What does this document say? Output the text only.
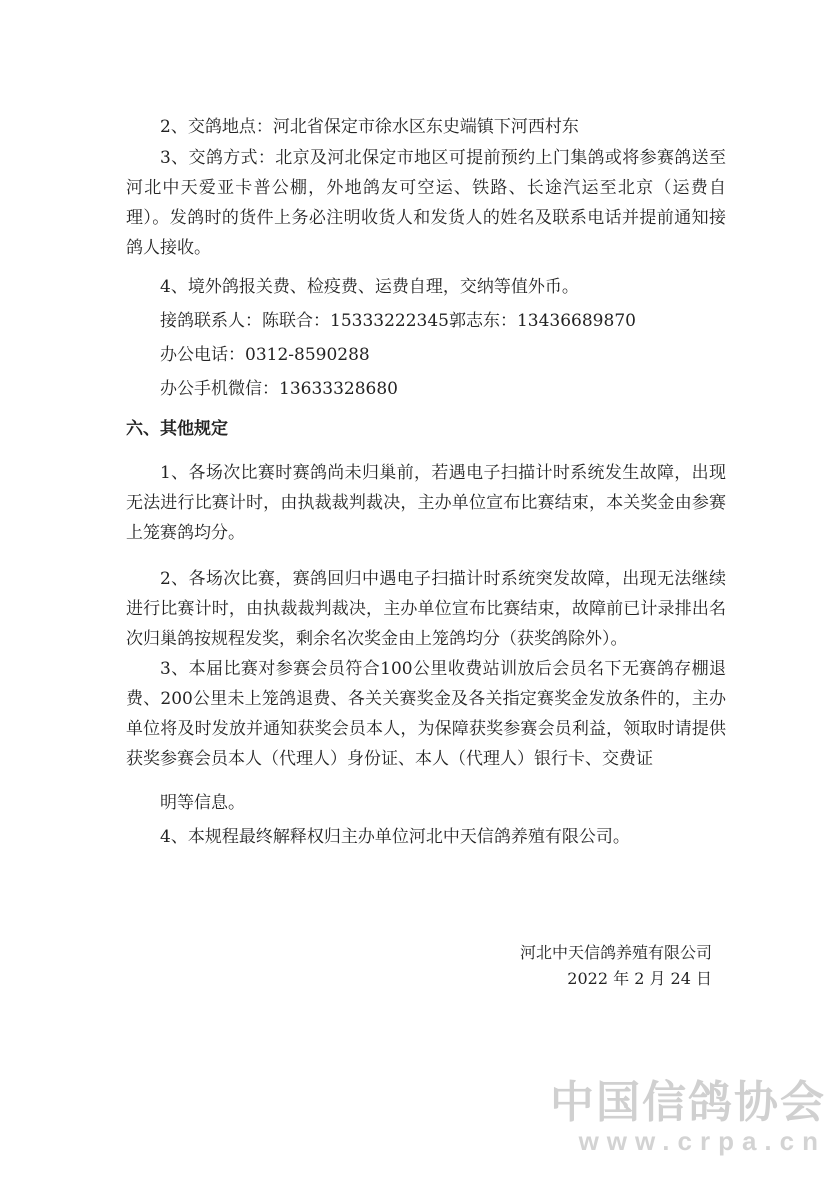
2、交鸽地点：河北省保定市徐水区东史端镇下河西村东

3、交鸽方式：北京及河北保定市地区可提前预约上门集鸽或将参赛鸽送至河北中天爱亚卡普公棚，外地鸽友可空运、铁路、长途汽运至北京（运费自理）。发鸽时的货件上务必注明收货人和发货人的姓名及联系电话并提前通知接鸽人接收。

4、境外鸽报关费、检疫费、运费自理，交纳等值外币。
接鸽联系人：陈联合：15333222345郭志东：13436689870
办公电话：0312-8590288
办公手机微信：13633328680
六、其他规定

1、各场次比赛时赛鸽尚未归巢前，若遇电子扫描计时系统发生故障，出现无法进行比赛计时，由执裁裁判裁决，主办单位宣布比赛结束，本关奖金由参赛上笼赛鸽均分。

2、各场次比赛，赛鸽回归中遇电子扫描计时系统突发故障，出现无法继续进行比赛计时，由执裁裁判裁决，主办单位宣布比赛结束，故障前已计录排出名次归巢鸽按规程发奖，剩余名次奖金由上笼鸽均分（获奖鸽除外）。

3、本届比赛对参赛会员符合100公里收费站训放后会员名下无赛鸽存棚退费、200公里未上笼鸽退费、各关关赛奖金及各关指定赛奖金发放条件的，主办单位将及时发放并通知获奖会员本人，为保障获奖参赛会员利益，领取时请提供获奖参赛会员本人（代理人）身份证、本人（代理人）银行卡、交费证

明等信息。
4、本规程最终解释权归主办单位河北中天信鸽养殖有限公司。
河北中天信鸽养殖有限公司
2022 年 2 月 24 日
中国信鸽协会
www.crpa.cn
